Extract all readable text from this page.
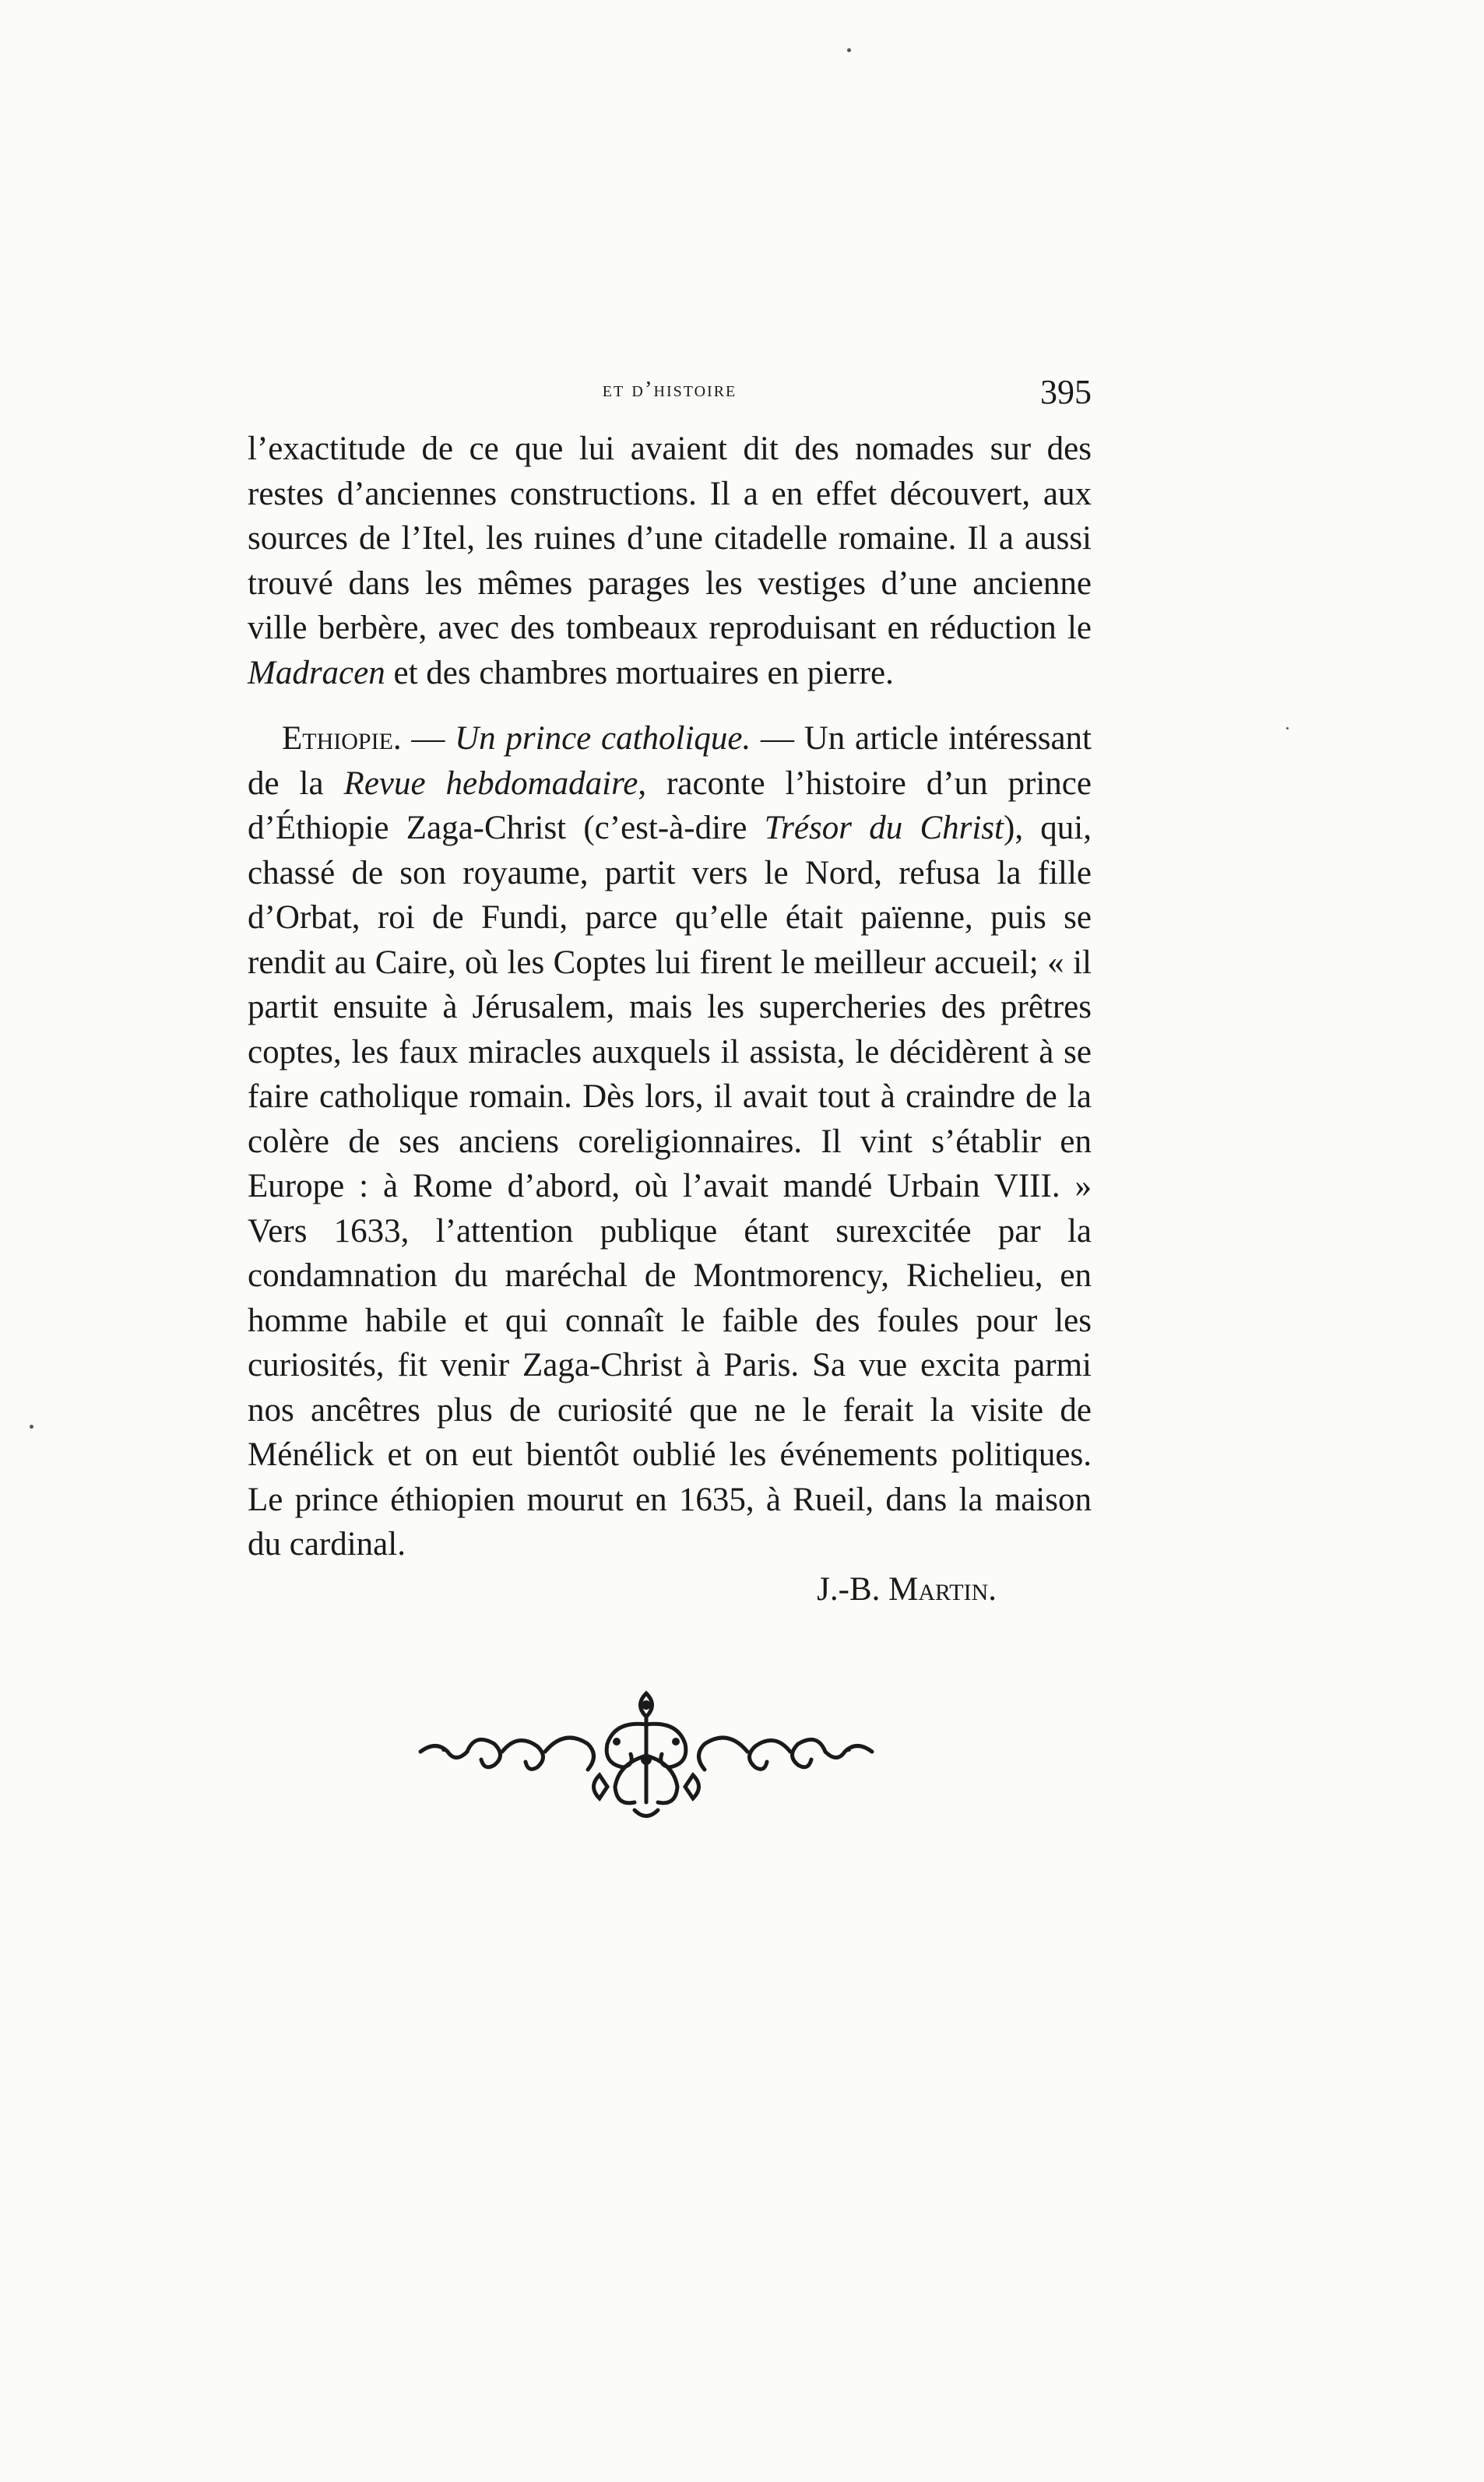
et d’histoire	395

l’exactitude de ce que lui avaient dit des nomades sur des restes d’anciennes constructions. Il a en effet découvert, aux sources de l’Itel, les ruines d’une citadelle romaine. Il a aussi trouvé dans les mêmes parages les vestiges d’une ancienne ville berbère, avec des tombeaux reproduisant en réduction le Madracen et des chambres mortuaires en pierre.

Ethiopie. — Un prince catholique. — Un article intéressant de la Revue hebdomadaire, raconte l’histoire d’un prince d’Éthiopie Zaga-Christ (c’est-à-dire Trésor du Christ), qui, chassé de son royaume, partit vers le Nord, refusa la fille d’Orbat, roi de Fundi, parce qu’elle était païenne, puis se rendit au Caire, où les Coptes lui firent le meilleur accueil; « il partit ensuite à Jérusalem, mais les supercheries des prêtres coptes, les faux miracles auxquels il assista, le décidèrent à se faire catholique romain. Dès lors, il avait tout à craindre de la colère de ses anciens coreligionnaires. Il vint s’établir en Europe : à Rome d’abord, où l’avait mandé Urbain VIII. » Vers 1633, l’attention publique étant surexcitée par la condamnation du maréchal de Montmorency, Richelieu, en homme habile et qui connaît le faible des foules pour les curiosités, fit venir Zaga-Christ à Paris. Sa vue excita parmi nos ancêtres plus de curiosité que ne le ferait la visite de Ménélick et on eut bientôt oublié les événements politiques. Le prince éthiopien mourut en 1635, à Rueil, dans la maison du cardinal.

J.-B. Martin.
